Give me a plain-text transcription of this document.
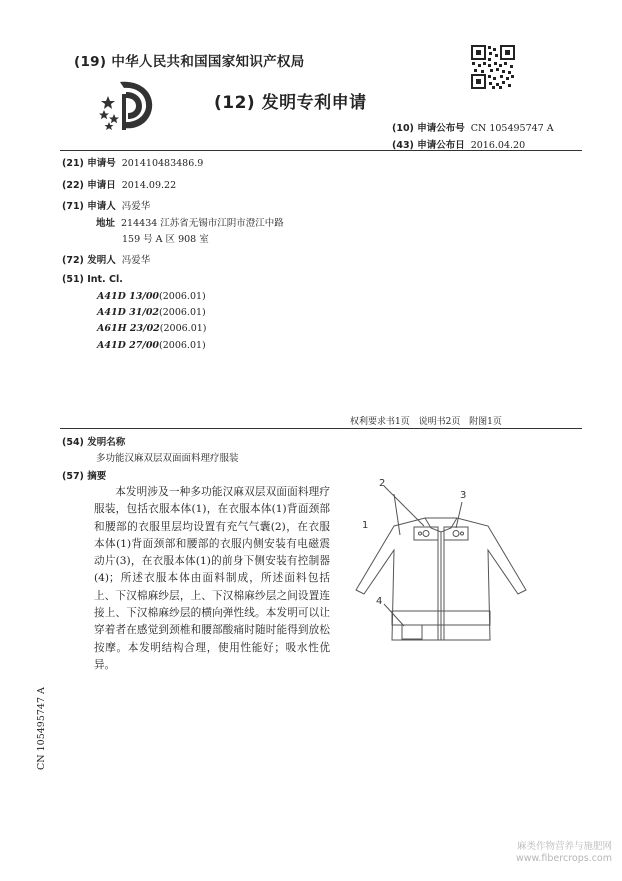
(19) 中华人民共和国国家知识产权局
(12) 发明专利申请
(10) 申请公布号 CN 105495747 A
(43) 申请公布日 2016.04.20
(21) 申请号 201410483486.9
(22) 申请日 2014.09.22
(71) 申请人 冯爱华
地址 214434 江苏省无锡市江阴市澄江中路
159 号 A 区 908 室
(72) 发明人 冯爱华
(51) Int. Cl.
A41D 13/00(2006.01)
A41D 31/02(2006.01)
A61H 23/02(2006.01)
A41D 27/00(2006.01)
权利要求书1页 说明书2页 附图1页
(54) 发明名称
多功能汉麻双层双面面料理疗服装
(57) 摘要
本发明涉及一种多功能汉麻双层双面面料理疗服装，包括衣服本体(1)，在衣服本体(1)背面颈部和腰部的衣服里层均设置有充气气囊(2)，在衣服本体(1)背面颈部和腰部的衣服内侧安装有电磁震动片(3)，在衣服本体(1)的前身下侧安装有控制器(4)；所述衣服本体由面料制成，所述面料包括上、下汉棉麻纱层，上、下汉棉麻纱层之间设置连接上、下汉棉麻纱层的横向弹性线。本发明可以让穿着者在感觉到颈椎和腰部酸痛时随时能得到放松按摩。本发明结构合理，使用性能好；吸水性优异。
2
3
1
4
CN 105495747 A
麻类作物营养与施肥网
www.fibercrops.com
